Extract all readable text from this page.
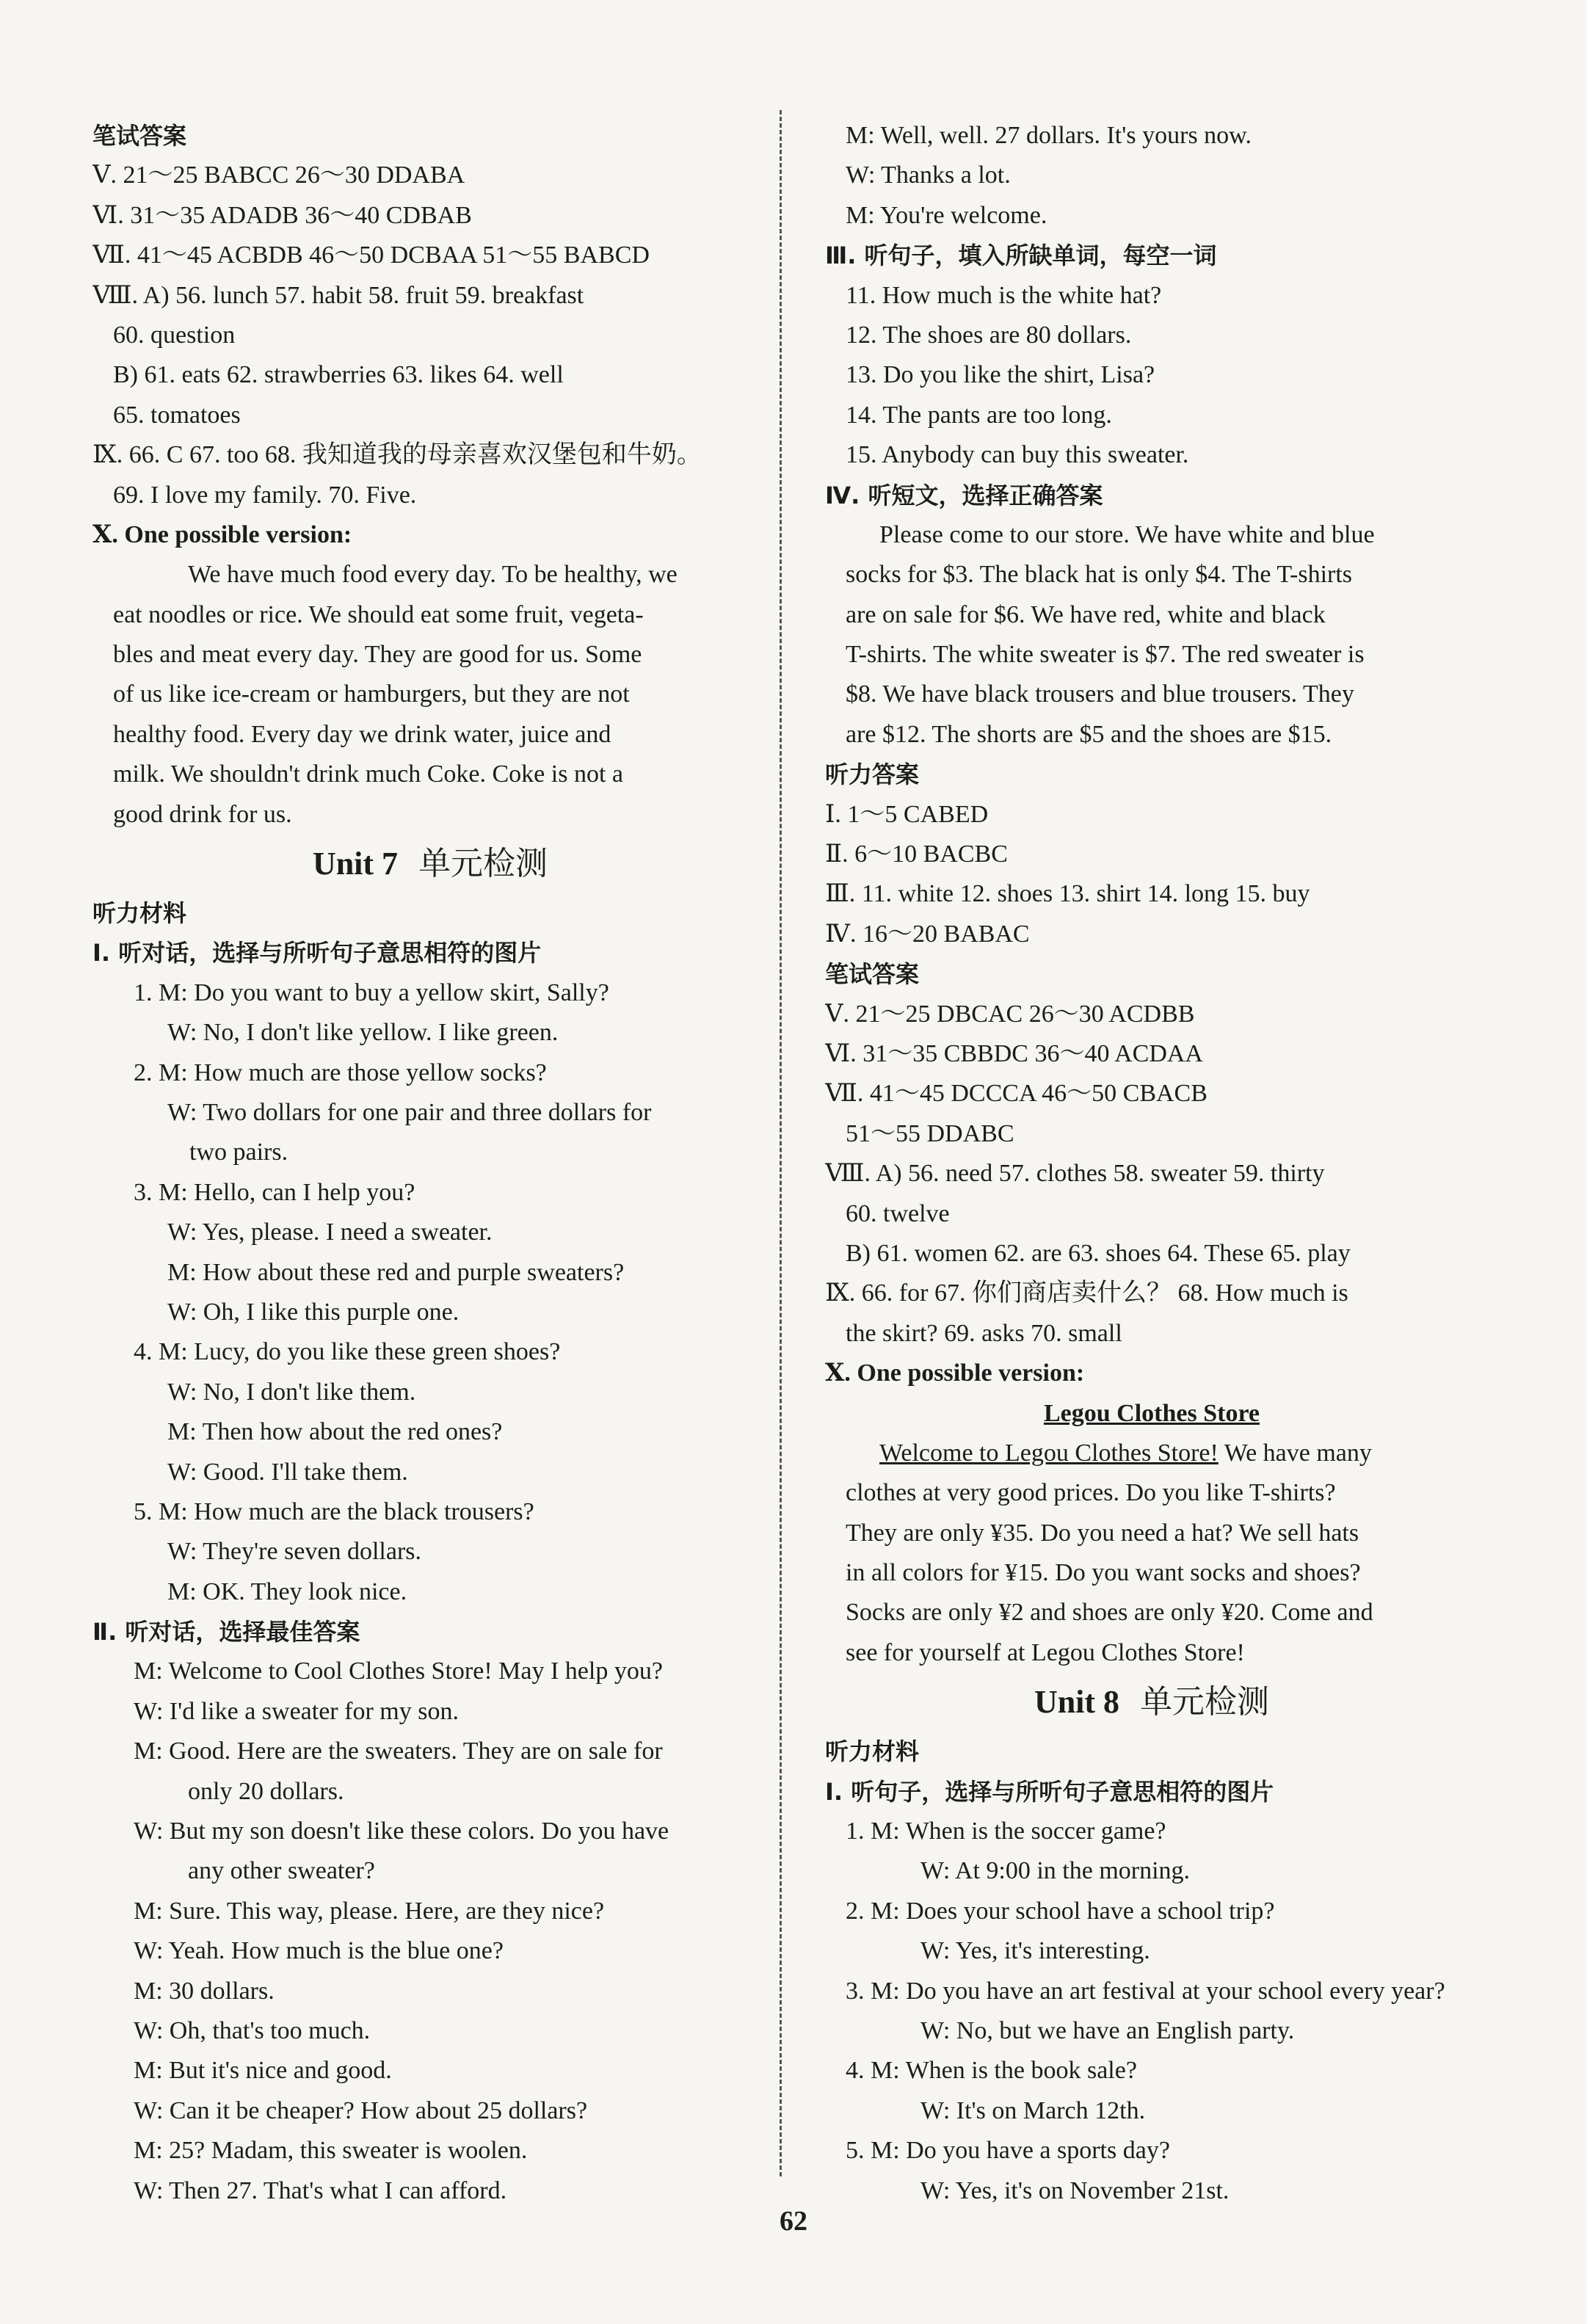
笔试答案
Ⅴ. 21～25 BABCC 26～30 DDABA
Ⅵ. 31～35 ADADB 36～40 CDBAB
Ⅶ. 41～45 ACBDB 46～50 DCBAA 51～55 BABCD
Ⅷ. A) 56. lunch 57. habit 58. fruit 59. breakfast
60. question
B) 61. eats 62. strawberries 63. likes 64. well
65. tomatoes
Ⅸ. 66. C 67. too 68. 我知道我的母亲喜欢汉堡包和牛奶。
69. I love my family. 70. Five.
Ⅹ. One possible version:
We have much food every day. To be healthy, we
eat noodles or rice. We should eat some fruit, vegeta-
bles and meat every day. They are good for us. Some
of us like ice-cream or hamburgers, but they are not
healthy food. Every day we drink water, juice and
milk. We shouldn't drink much Coke. Coke is not a
good drink for us.
Unit 7 单元检测
听力材料
Ⅰ. 听对话，选择与所听句子意思相符的图片
1. M: Do you want to buy a yellow skirt, Sally?
W: No, I don't like yellow. I like green.
2. M: How much are those yellow socks?
W: Two dollars for one pair and three dollars for
two pairs.
3. M: Hello, can I help you?
W: Yes, please. I need a sweater.
M: How about these red and purple sweaters?
W: Oh, I like this purple one.
4. M: Lucy, do you like these green shoes?
W: No, I don't like them.
M: Then how about the red ones?
W: Good. I'll take them.
5. M: How much are the black trousers?
W: They're seven dollars.
M: OK. They look nice.
Ⅱ. 听对话，选择最佳答案
M: Welcome to Cool Clothes Store! May I help you?
W: I'd like a sweater for my son.
M: Good. Here are the sweaters. They are on sale for
only 20 dollars.
W: But my son doesn't like these colors. Do you have
any other sweater?
M: Sure. This way, please. Here, are they nice?
W: Yeah. How much is the blue one?
M: 30 dollars.
W: Oh, that's too much.
M: But it's nice and good.
W: Can it be cheaper? How about 25 dollars?
M: 25? Madam, this sweater is woolen.
W: Then 27. That's what I can afford.
M: Well, well. 27 dollars. It's yours now.
W: Thanks a lot.
M: You're welcome.
Ⅲ. 听句子，填入所缺单词，每空一词
11. How much is the white hat?
12. The shoes are 80 dollars.
13. Do you like the shirt, Lisa?
14. The pants are too long.
15. Anybody can buy this sweater.
Ⅳ. 听短文，选择正确答案
Please come to our store. We have white and blue
socks for $3. The black hat is only $4. The T-shirts
are on sale for $6. We have red, white and black
T-shirts. The white sweater is $7. The red sweater is
$8. We have black trousers and blue trousers. They
are $12. The shorts are $5 and the shoes are $15.
听力答案
Ⅰ. 1～5 CABED
Ⅱ. 6～10 BACBC
Ⅲ. 11. white 12. shoes 13. shirt 14. long 15. buy
Ⅳ. 16～20 BABAC
笔试答案
Ⅴ. 21～25 DBCAC 26～30 ACDBB
Ⅵ. 31～35 CBBDC 36～40 ACDAA
Ⅶ. 41～45 DCCCA 46～50 CBACB
51～55 DDABC
Ⅷ. A) 56. need 57. clothes 58. sweater 59. thirty
60. twelve
B) 61. women 62. are 63. shoes 64. These 65. play
Ⅸ. 66. for 67. 你们商店卖什么？ 68. How much is
the skirt? 69. asks 70. small
Ⅹ. One possible version:
Legou Clothes Store
Welcome to Legou Clothes Store! We have many
clothes at very good prices. Do you like T-shirts?
They are only ¥35. Do you need a hat? We sell hats
in all colors for ¥15. Do you want socks and shoes?
Socks are only ¥2 and shoes are only ¥20. Come and
see for yourself at Legou Clothes Store!
Unit 8 单元检测
听力材料
Ⅰ. 听句子，选择与所听句子意思相符的图片
1. M: When is the soccer game?
W: At 9:00 in the morning.
2. M: Does your school have a school trip?
W: Yes, it's interesting.
3. M: Do you have an art festival at your school every year?
W: No, but we have an English party.
4. M: When is the book sale?
W: It's on March 12th.
5. M: Do you have a sports day?
W: Yes, it's on November 21st.
62
